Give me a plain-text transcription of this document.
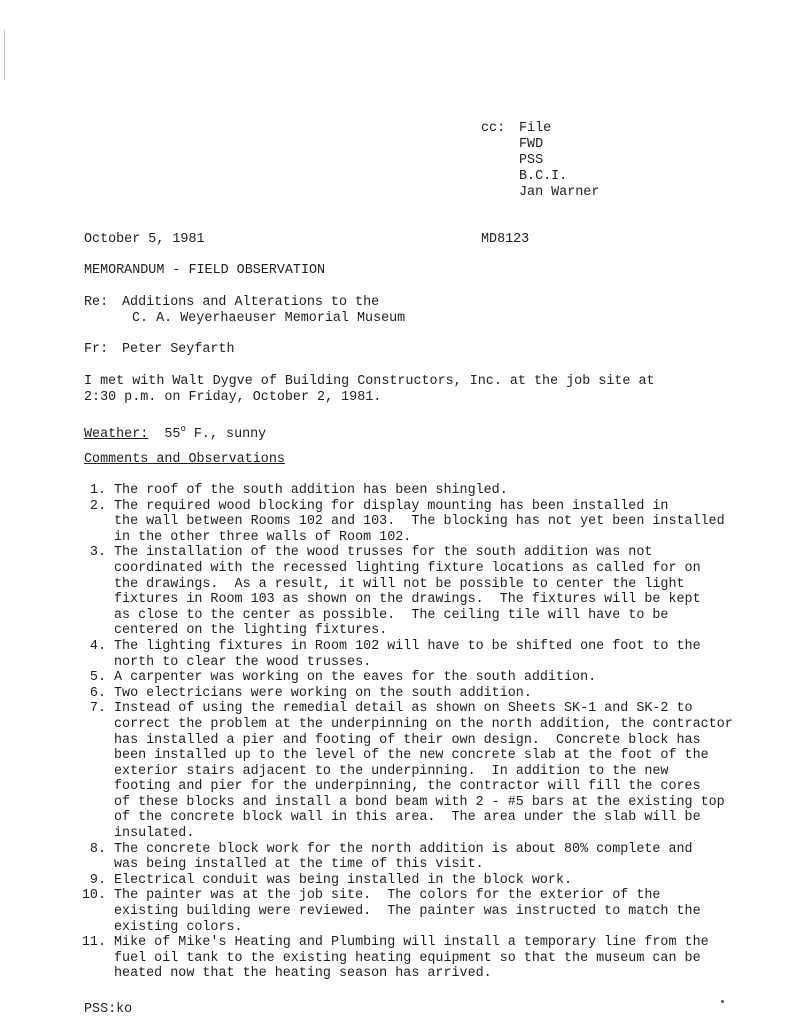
cc:	File
FWD
PSS
B.C.I.
Jan Warner
October 5, 1981	MD8123
MEMORANDUM - FIELD OBSERVATION
Re:	Additions and Alterations to the
C. A. Weyerhaeuser Memorial Museum
Fr:	Peter Seyfarth
I met with Walt Dygve of Building Constructors, Inc. at the job site at
2:30 p.m. on Friday, October 2, 1981.
Weather: 55$^o$ F., sunny
Comments and Observations
1. The roof of the south addition has been shingled.
2. The required wood blocking for display mounting has been installed in
the wall between Rooms 102 and 103.  The blocking has not yet been installed
in the other three walls of Room 102.
3. The installation of the wood trusses for the south addition was not
coordinated with the recessed lighting fixture locations as called for on
the drawings.  As a result, it will not be possible to center the light
fixtures in Room 103 as shown on the drawings.  The fixtures will be kept
as close to the center as possible.  The ceiling tile will have to be
centered on the lighting fixtures.
4. The lighting fixtures in Room 102 will have to be shifted one foot to the
north to clear the wood trusses.
5. A carpenter was working on the eaves for the south addition.
6. Two electricians were working on the south addition.
7. Instead of using the remedial detail as shown on Sheets SK-1 and SK-2 to
correct the problem at the underpinning on the north addition, the contractor
has installed a pier and footing of their own design.  Concrete block has
been installed up to the level of the new concrete slab at the foot of the
exterior stairs adjacent to the underpinning.  In addition to the new
footing and pier for the underpinning, the contractor will fill the cores
of these blocks and install a bond beam with 2 - #5 bars at the existing top
of the concrete block wall in this area.  The area under the slab will be
insulated.
8. The concrete block work for the north addition is about 80% complete and
was being installed at the time of this visit.
9. Electrical conduit was being installed in the block work.
10. The painter was at the job site.  The colors for the exterior of the
existing building were reviewed.  The painter was instructed to match the
existing colors.
11. Mike of Mike's Heating and Plumbing will install a temporary line from the
fuel oil tank to the existing heating equipment so that the museum can be
heated now that the heating season has arrived.
PSS:ko
